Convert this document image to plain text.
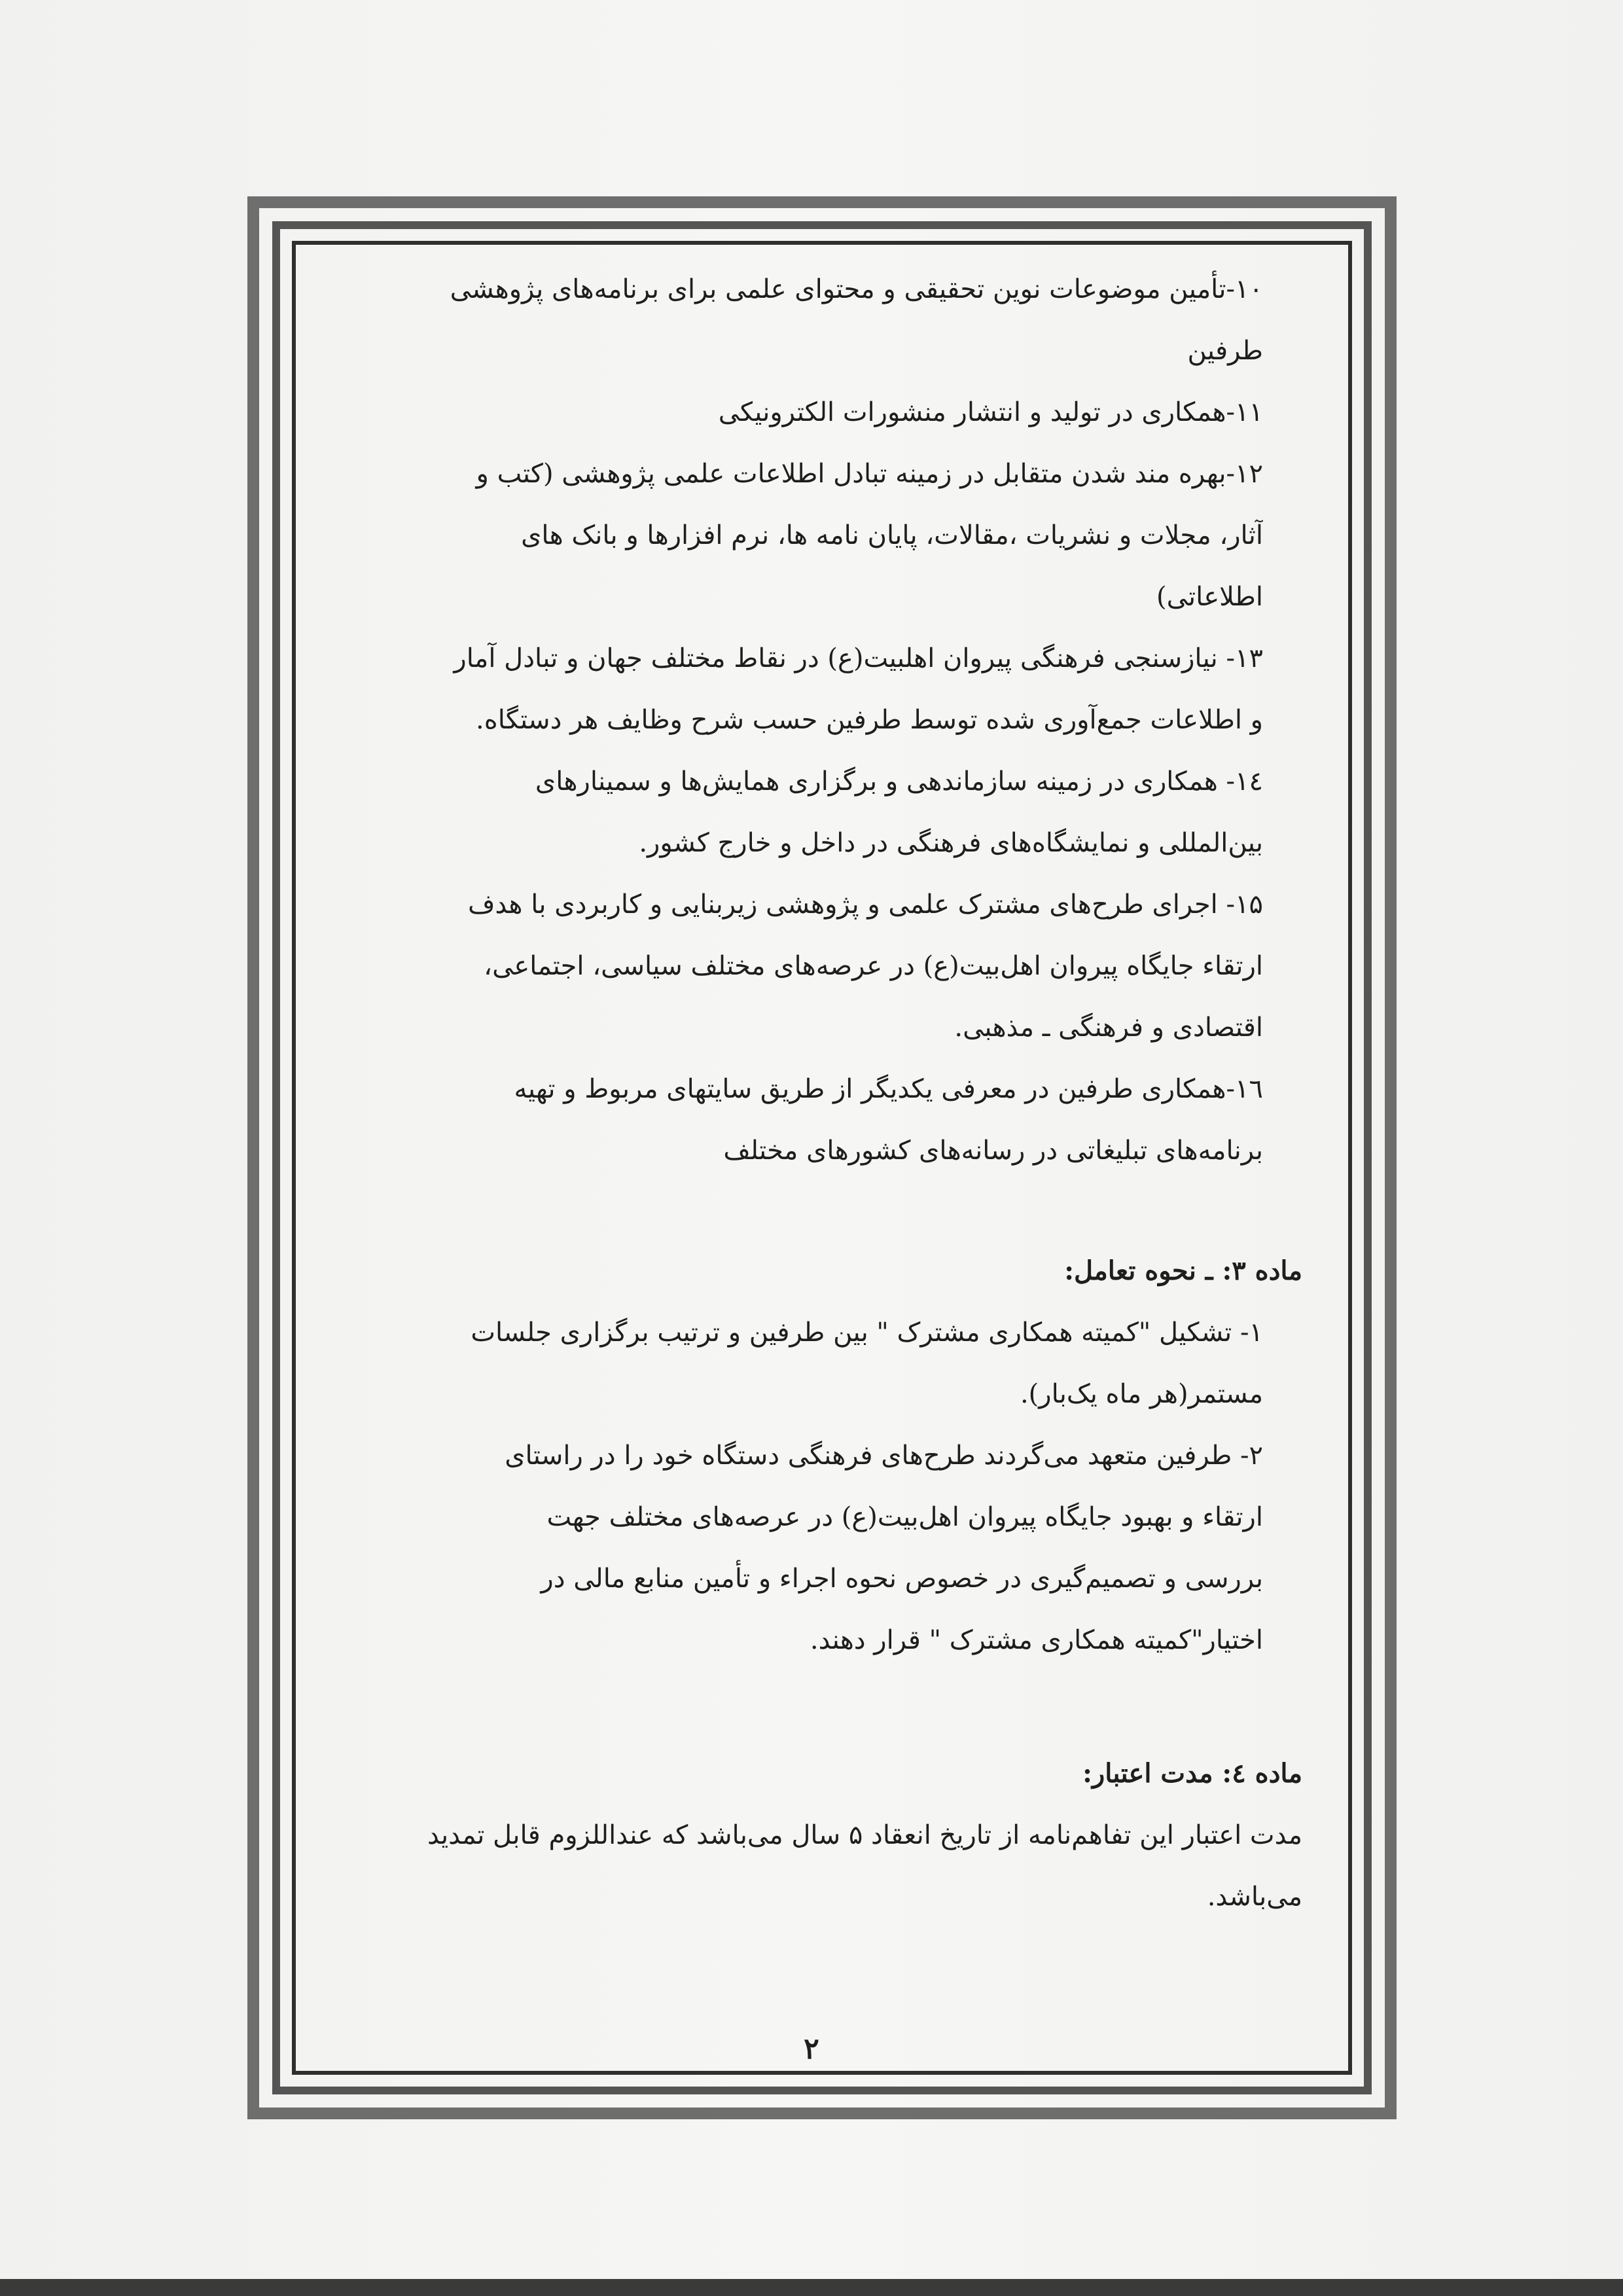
۱۰-تأمین موضوعات نوین تحقیقی و محتوای علمی برای برنامه‌های پژوهشی
طرفین
۱۱-همکاری در تولید و انتشار منشورات الکترونیکی
۱۲-بهره مند شدن متقابل در زمینه تبادل اطلاعات علمی پژوهشی (کتب و
آثار، مجلات و نشریات ،مقالات، پایان نامه ها، نرم افزارها و بانک های
اطلاعاتی)
۱۳- نیازسنجی فرهنگی پیروان اهلبیت(ع) در نقاط مختلف جهان و تبادل آمار
و اطلاعات جمع‌آوری شده توسط طرفین حسب شرح وظایف هر دستگاه.
۱٤- همکاری در زمینه سازماندهی و برگزاری همایش‌ها و سمینارهای
بین‌المللی و نمایشگاه‌های فرهنگی در داخل و خارج کشور.
۱۵- اجرای طرح‌های مشترک علمی و پژوهشی زیربنایی و کاربردی با هدف
ارتقاء جایگاه پیروان اهل‌بیت(ع) در عرصه‌های مختلف سیاسی، اجتماعی،
اقتصادی و فرهنگی ـ مذهبی.
۱٦-همکاری طرفین در معرفی یکدیگر از طریق سایتهای مربوط و تهیه
برنامه‌های تبلیغاتی در رسانه‌های کشورهای مختلف
ماده ۳: ـ نحوه تعامل:
۱- تشکیل "کمیته همکاری مشترک " بین طرفین و ترتیب برگزاری جلسات
مستمر(هر ماه یک‌بار).
۲- طرفین متعهد می‌گردند طرح‌های فرهنگی دستگاه خود را در راستای
ارتقاء و بهبود جایگاه پیروان اهل‌بیت(ع) در عرصه‌های مختلف جهت
بررسی و تصمیم‌گیری در خصوص نحوه اجراء و تأمین منابع مالی در
اختیار"کمیته همکاری مشترک " قرار دهند.
ماده ٤: مدت اعتبار:
مدت اعتبار این تفاهم‌نامه از تاریخ انعقاد ۵ سال می‌باشد که عنداللزوم قابل تمدید
می‌باشد.
۲
